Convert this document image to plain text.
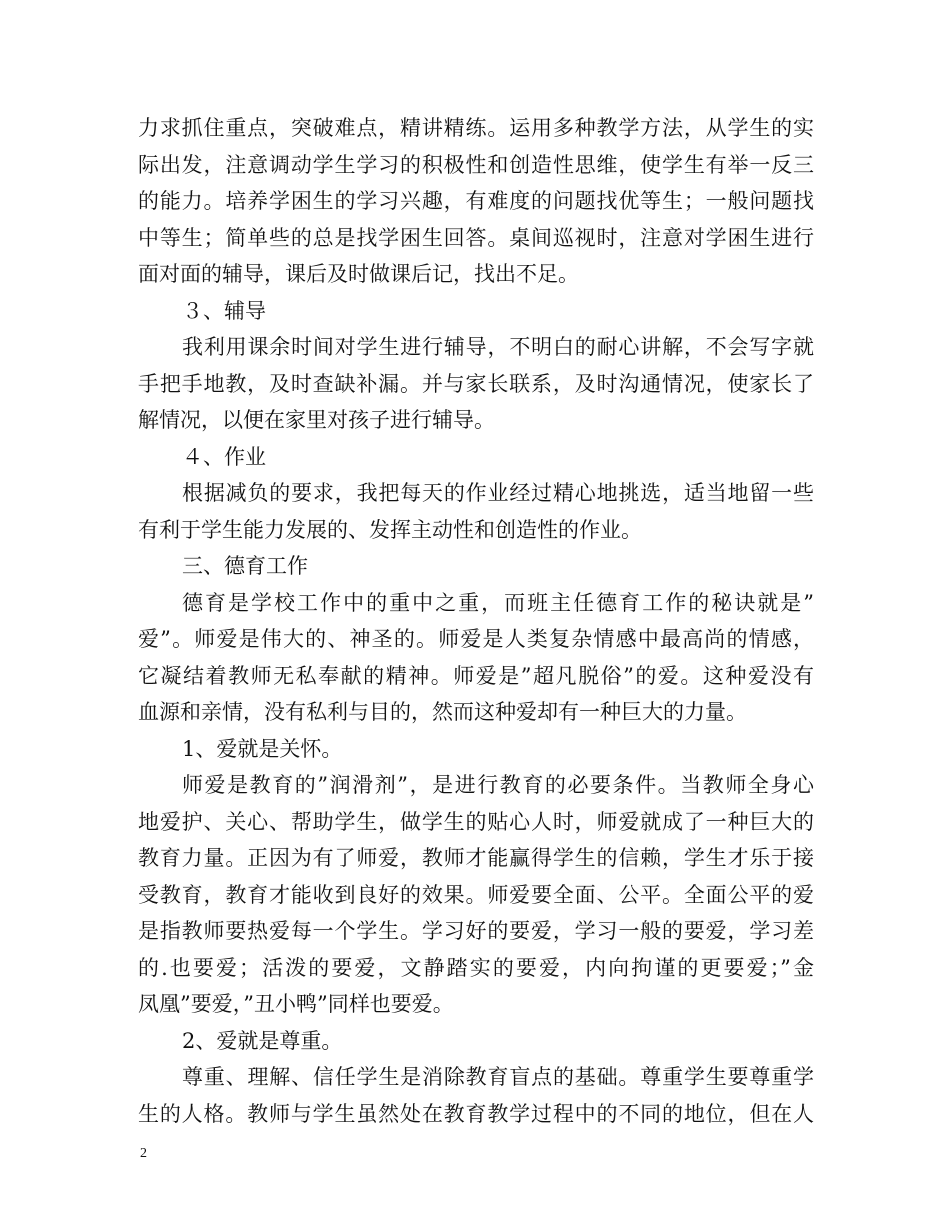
力求抓住重点，突破难点，精讲精练。运用多种教学方法，从学生的实
际出发，注意调动学生学习的积极性和创造性思维，使学生有举一反三
的能力。培养学困生的学习兴趣，有难度的问题找优等生；一般问题找
中等生；简单些的总是找学困生回答。桌间巡视时，注意对学困生进行
面对面的辅导，课后及时做课后记，找出不足。
３、辅导
我利用课余时间对学生进行辅导，不明白的耐心讲解，不会写字就
手把手地教，及时查缺补漏。并与家长联系，及时沟通情况，使家长了
解情况，以便在家里对孩子进行辅导。
４、作业
根据减负的要求，我把每天的作业经过精心地挑选，适当地留一些
有利于学生能力发展的、发挥主动性和创造性的作业。
三、德育工作
德育是学校工作中的重中之重，而班主任德育工作的秘诀就是”
爱”。师爱是伟大的、神圣的。师爱是人类复杂情感中最高尚的情感，
它凝结着教师无私奉献的精神。师爱是”超凡脱俗”的爱。这种爱没有
血源和亲情，没有私利与目的，然而这种爱却有一种巨大的力量。
1、爱就是关怀。
师爱是教育的”润滑剂”，是进行教育的必要条件。当教师全身心
地爱护、关心、帮助学生，做学生的贴心人时，师爱就成了一种巨大的
教育力量。正因为有了师爱，教师才能赢得学生的信赖，学生才乐于接
受教育，教育才能收到良好的效果。师爱要全面、公平。全面公平的爱
是指教师要热爱每一个学生。学习好的要爱，学习一般的要爱，学习差
的.也要爱；活泼的要爱，文静踏实的要爱，内向拘谨的更要爱；”金
凤凰”要爱，”丑小鸭”同样也要爱。
2、爱就是尊重。
尊重、理解、信任学生是消除教育盲点的基础。尊重学生要尊重学
生的人格。教师与学生虽然处在教育教学过程中的不同的地位，但在人
2
